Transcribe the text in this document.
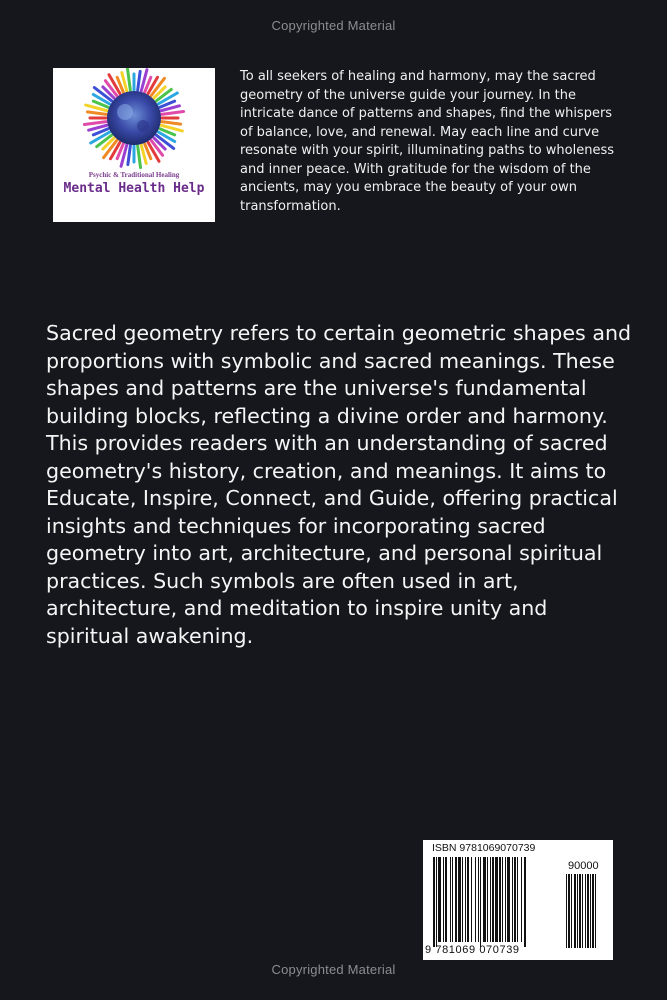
Copyrighted Material
Psychic & Traditional Healing
Mental Health Help

To all seekers of healing and harmony, may the sacred geometry of the universe guide your journey. In the intricate dance of patterns and shapes, find the whispers of balance, love, and renewal. May each line and curve resonate with your spirit, illuminating paths to wholeness and inner peace. With gratitude for the wisdom of the ancients, may you embrace the beauty of your own transformation.

Sacred geometry refers to certain geometric shapes and proportions with symbolic and sacred meanings. These shapes and patterns are the universe's fundamental building blocks, reflecting a divine order and harmony. This provides readers with an understanding of sacred geometry's history, creation, and meanings. It aims to Educate, Inspire, Connect, and Guide, offering practical insights and techniques for incorporating sacred geometry into art, architecture, and personal spiritual practices. Such symbols are often used in art, architecture, and meditation to inspire unity and spiritual awakening.

ISBN 9781069070739
90000
9 781069 070739
Copyrighted Material
